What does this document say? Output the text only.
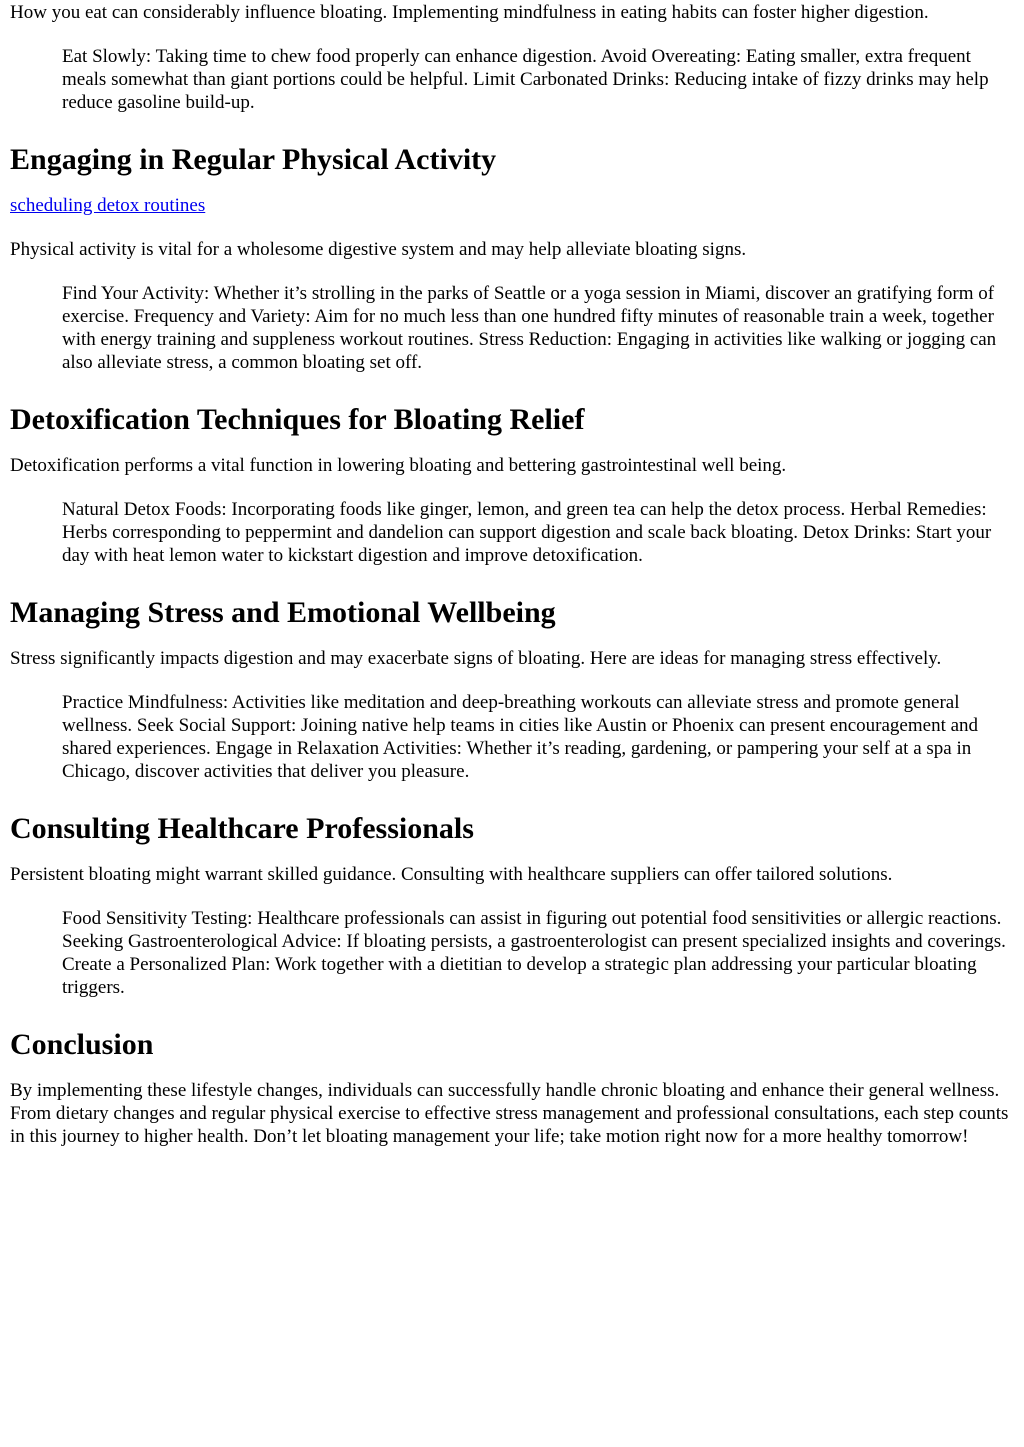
How you eat can considerably influence bloating. Implementing mindfulness in eating habits can foster higher digestion.

Eat Slowly: Taking time to chew food properly can enhance digestion. Avoid Overeating: Eating smaller, extra frequent meals somewhat than giant portions could be helpful. Limit Carbonated Drinks: Reducing intake of fizzy drinks may help reduce gasoline build-up.
Engaging in Regular Physical Activity

scheduling detox routines

Physical activity is vital for a wholesome digestive system and may help alleviate bloating signs.

Find Your Activity: Whether it’s strolling in the parks of Seattle or a yoga session in Miami, discover an gratifying form of exercise. Frequency and Variety: Aim for no much less than one hundred fifty minutes of reasonable train a week, together with energy training and suppleness workout routines. Stress Reduction: Engaging in activities like walking or jogging can also alleviate stress, a common bloating set off.
Detoxification Techniques for Bloating Relief

Detoxification performs a vital function in lowering bloating and bettering gastrointestinal well being.

Natural Detox Foods: Incorporating foods like ginger, lemon, and green tea can help the detox process. Herbal Remedies: Herbs corresponding to peppermint and dandelion can support digestion and scale back bloating. Detox Drinks: Start your day with heat lemon water to kickstart digestion and improve detoxification.
Managing Stress and Emotional Wellbeing

Stress significantly impacts digestion and may exacerbate signs of bloating. Here are ideas for managing stress effectively.

Practice Mindfulness: Activities like meditation and deep-breathing workouts can alleviate stress and promote general wellness. Seek Social Support: Joining native help teams in cities like Austin or Phoenix can present encouragement and shared experiences. Engage in Relaxation Activities: Whether it’s reading, gardening, or pampering your self at a spa in Chicago, discover activities that deliver you pleasure.
Consulting Healthcare Professionals

Persistent bloating might warrant skilled guidance. Consulting with healthcare suppliers can offer tailored solutions.

Food Sensitivity Testing: Healthcare professionals can assist in figuring out potential food sensitivities or allergic reactions. Seeking Gastroenterological Advice: If bloating persists, a gastroenterologist can present specialized insights and coverings. Create a Personalized Plan: Work together with a dietitian to develop a strategic plan addressing your particular bloating triggers.
Conclusion

By implementing these lifestyle changes, individuals can successfully handle chronic bloating and enhance their general wellness. From dietary changes and regular physical exercise to effective stress management and professional consultations, each step counts in this journey to higher health. Don’t let bloating management your life; take motion right now for a more healthy tomorrow!
